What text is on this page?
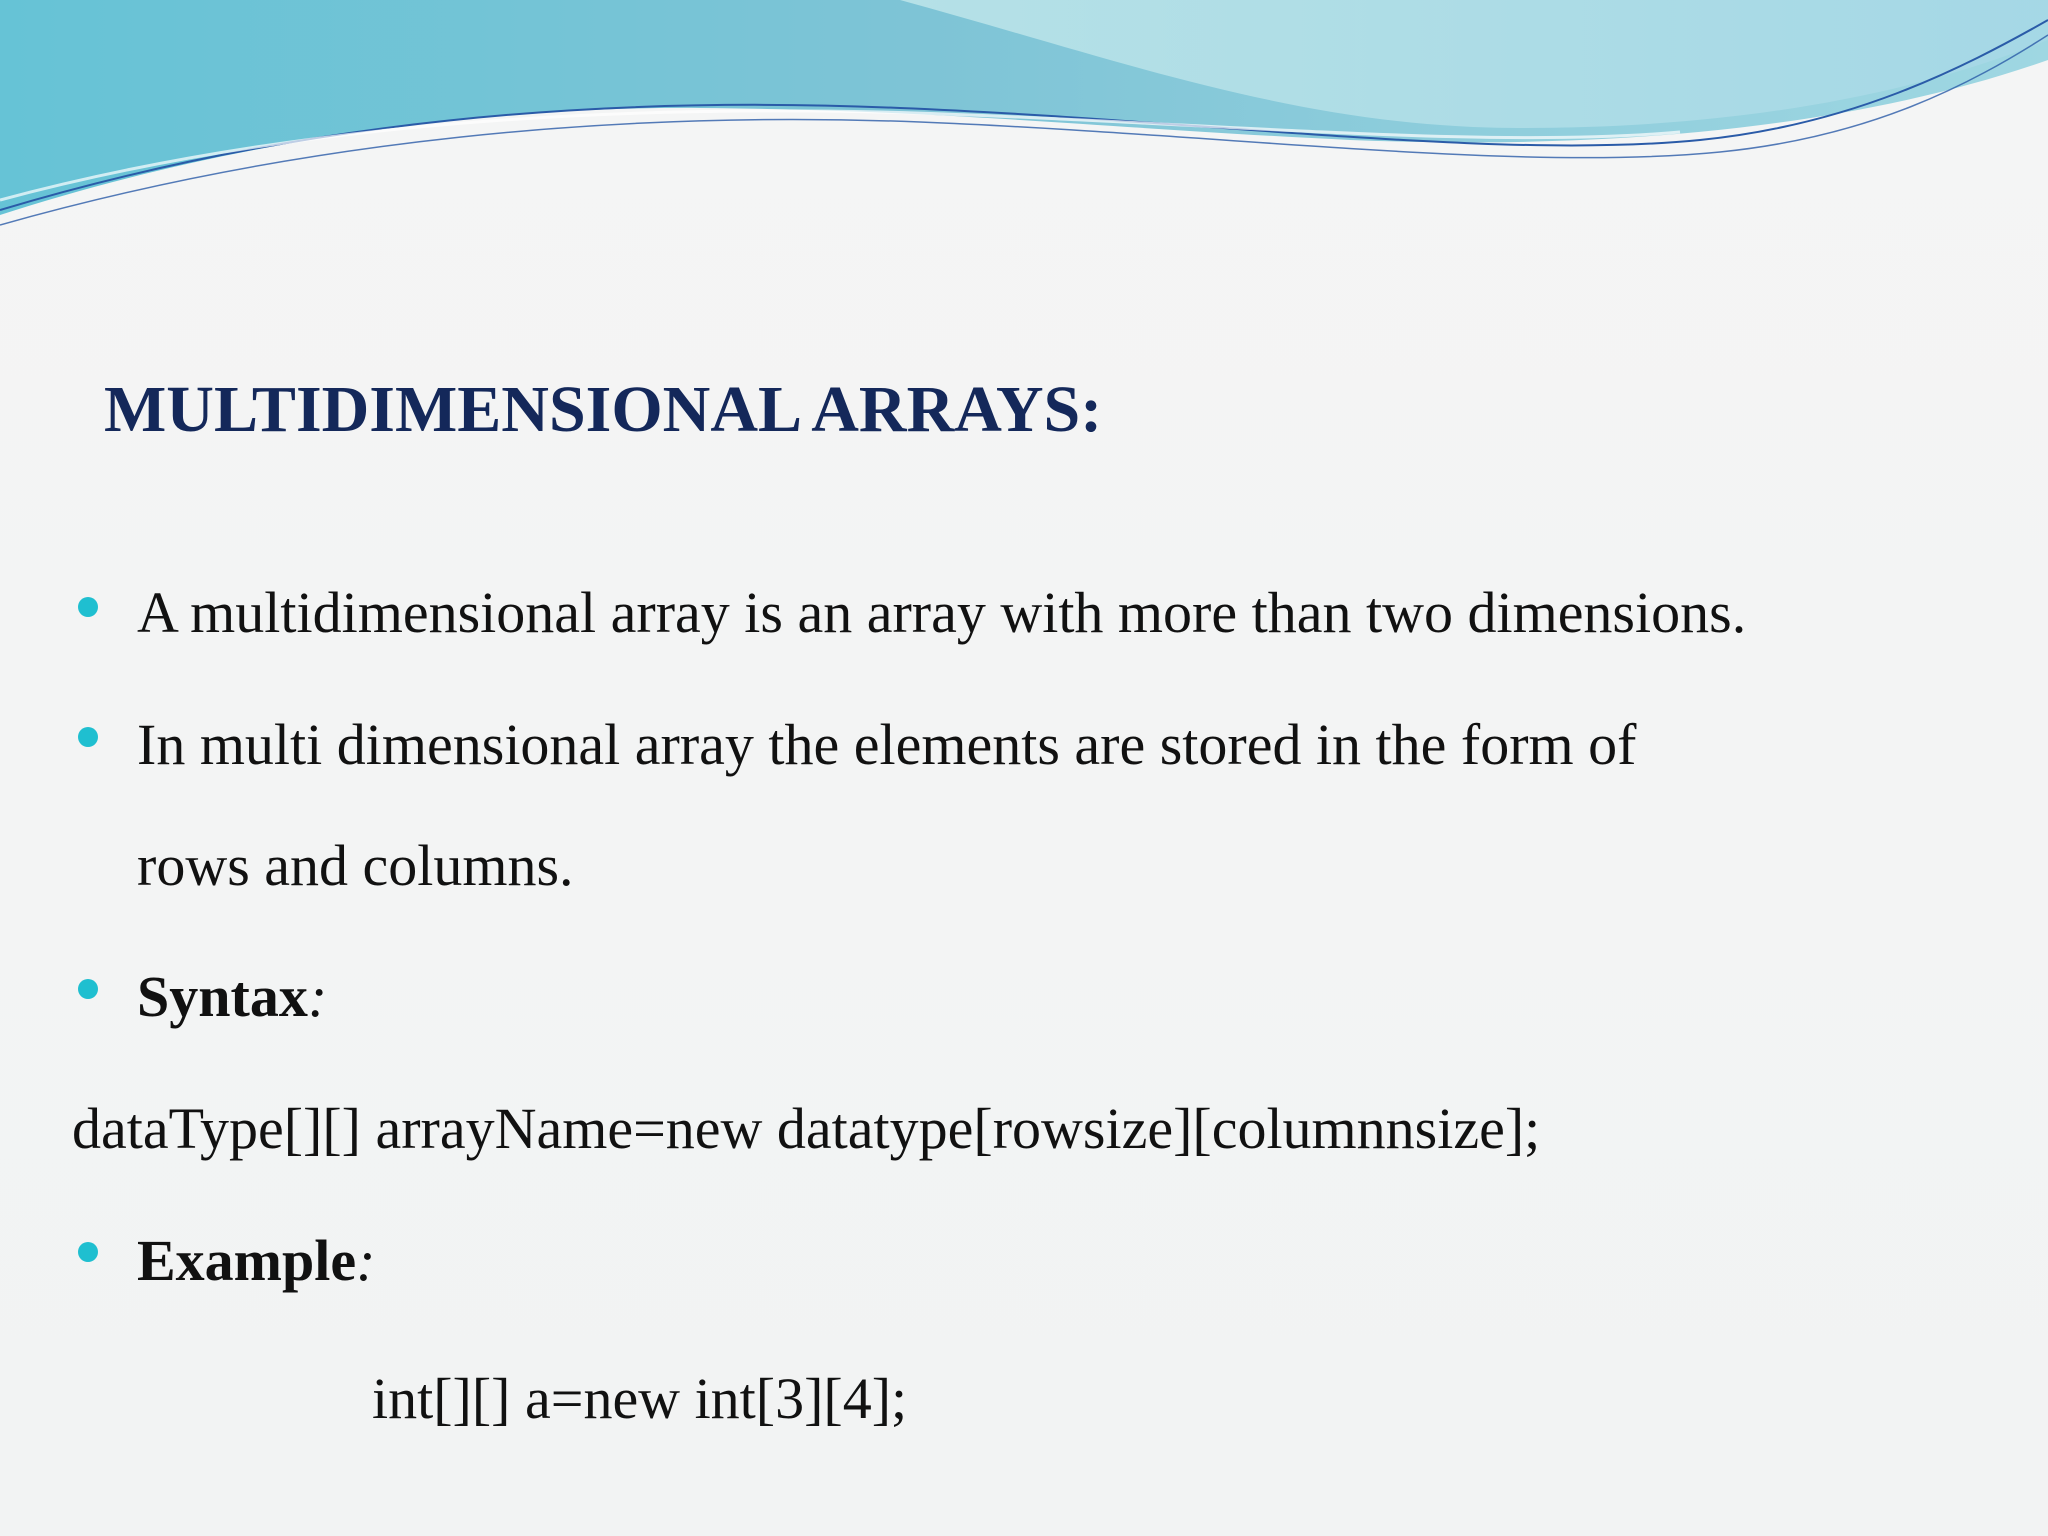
MULTIDIMENSIONAL ARRAYS:
A multidimensional array is an array with more than two dimensions.
In multi dimensional array the elements are stored in the form of
rows and columns.
Syntax:
dataType[][] arrayName=new datatype[rowsize][columnnsize];
Example:
int[][] a=new int[3][4];
